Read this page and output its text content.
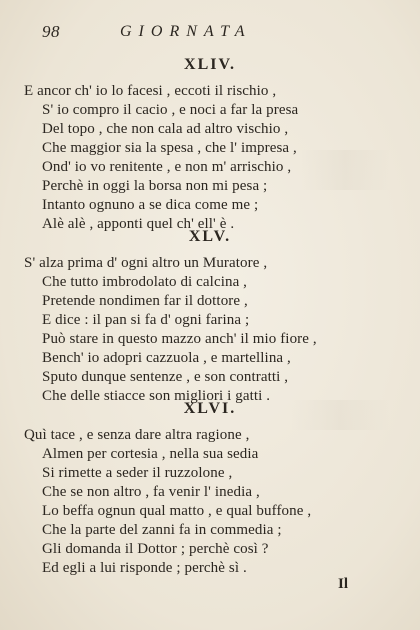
98	GIORNATA
XLIV.
E ancor ch' io lo facesi , eccoti il rischio ,
S' io compro il cacio , e noci a far la presa
Del topo , che non cala ad altro vischio ,
Che maggior sia la spesa , che l' impresa ,
Ond' io vo renitente , e non m' arrischio ,
Perchè in oggi la borsa non mi pesa ;
Intanto ognuno a se dica come me ;
Alè alè , apponti quel ch' ell' è .
XLV.
S' alza prima d' ogni altro un Muratore ,
Che tutto imbrodolato di calcina ,
Pretende nondimen far il dottore ,
E dice : il pan si fa d' ogni farina ;
Può stare in questo mazzo anch' il mio fiore ,
Bench' io adopri cazzuola , e martellina ,
Sputo dunque sentenze , e son contratti ,
Che delle stiacce son migliori i gatti .
XLVI.
Quì tace , e senza dare altra ragione ,
Almen per cortesia , nella sua sedia
Si rimette a seder il ruzzolone ,
Che se non altro , fa venir l' inedia ,
Lo beffa ognun qual matto , e qual buffone ,
Che la parte del zanni fa in commedia ;
Gli domanda il Dottor ; perchè così ?
Ed egli a lui risponde ; perchè sì .
Il
